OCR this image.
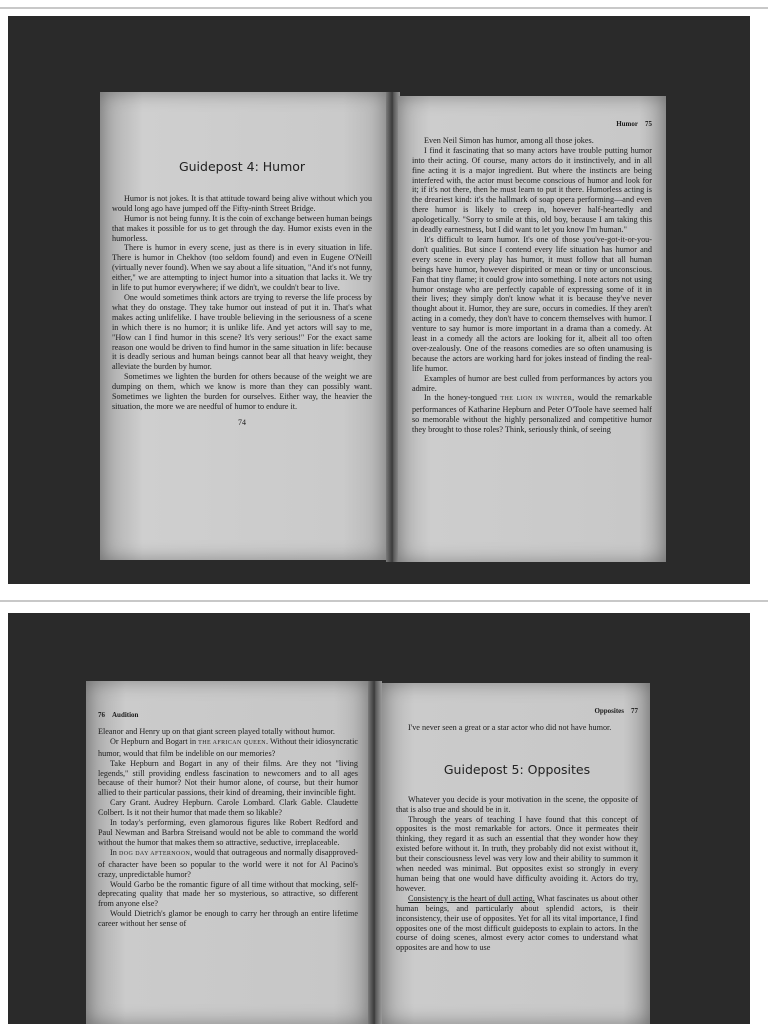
Guidepost 4: Humor

Humor is not jokes. It is that attitude toward being alive without which you would long ago have jumped off the Fifty-ninth Street Bridge.

Humor is not being funny. It is the coin of exchange between human beings that makes it possible for us to get through the day. Humor exists even in the humorless.

There is humor in every scene, just as there is in every situation in life. There is humor in Chekhov (too seldom found) and even in Eugene O'Neill (virtually never found). When we say about a life situation, "And it's not funny, either," we are attempting to inject humor into a situation that lacks it. We try in life to put humor everywhere; if we didn't, we couldn't bear to live.

One would sometimes think actors are trying to reverse the life process by what they do onstage. They take humor out instead of put it in. That's what makes acting unlifelike. I have trouble believing in the seriousness of a scene in which there is no humor; it is unlike life. And yet actors will say to me, "How can I find humor in this scene? It's very serious!" For the exact same reason one would be driven to find humor in the same situation in life: because it is deadly serious and human beings cannot bear all that heavy weight, they alleviate the burden by humor.

Sometimes we lighten the burden for others because of the weight we are dumping on them, which we know is more than they can possibly want. Sometimes we lighten the burden for ourselves. Either way, the heavier the situation, the more we are needful of humor to endure it.

74
Humor 75

Even Neil Simon has humor, among all those jokes.

I find it fascinating that so many actors have trouble putting humor into their acting. Of course, many actors do it instinctively, and in all fine acting it is a major ingredient. But where the instincts are being interfered with, the actor must become conscious of humor and look for it; if it's not there, then he must learn to put it there. Humorless acting is the dreariest kind: it's the hallmark of soap opera performing—and even there humor is likely to creep in, however half-heartedly and apologetically. "Sorry to smile at this, old boy, because I am taking this in deadly earnestness, but I did want to let you know I'm human."

It's difficult to learn humor. It's one of those you've-got-it-or-you-don't qualities. But since I contend every life situation has humor and every scene in every play has humor, it must follow that all human beings have humor, however dispirited or mean or tiny or unconscious. Fan that tiny flame; it could grow into something. I note actors not using humor onstage who are perfectly capable of expressing some of it in their lives; they simply don't know what it is because they've never thought about it. Humor, they are sure, occurs in comedies. If they aren't acting in a comedy, they don't have to concern themselves with humor. I venture to say humor is more important in a drama than a comedy. At least in a comedy all the actors are looking for it, albeit all too often over-zealously. One of the reasons comedies are so often unamusing is because the actors are working hard for jokes instead of finding the real-life humor.

Examples of humor are best culled from performances by actors you admire.

In the honey-tongued THE LION IN WINTER, would the remarkable performances of Katharine Hepburn and Peter O'Toole have seemed half so memorable without the highly personalized and competitive humor they brought to those roles? Think, seriously think, of seeing

76 Audition

Eleanor and Henry up on that giant screen played totally without humor.

Or Hepburn and Bogart in THE AFRICAN QUEEN. Without their idiosyncratic humor, would that film be indelible on our memories?

Take Hepburn and Bogart in any of their films. Are they not "living legends," still providing endless fascination to newcomers and to all ages because of their humor? Not their humor alone, of course, but their humor allied to their particular passions, their kind of dreaming, their invincible fight.

Cary Grant. Audrey Hepburn. Carole Lombard. Clark Gable. Claudette Colbert. Is it not their humor that made them so likable?

In today's performing, even glamorous figures like Robert Redford and Paul Newman and Barbra Streisand would not be able to command the world without the humor that makes them so attractive, seductive, irreplaceable.

In DOG DAY AFTERNOON, would that outrageous and normally disapproved-of character have been so popular to the world were it not for Al Pacino's crazy, unpredictable humor?

Would Garbo be the romantic figure of all time without that mocking, self-deprecating quality that made her so mysterious, so attractive, so different from anyone else?

Would Dietrich's glamor be enough to carry her through an entire lifetime career without her sense of

Opposites 77

I've never seen a great or a star actor who did not have humor.

Guidepost 5: Opposites

Whatever you decide is your motivation in the scene, the opposite of that is also true and should be in it.

Through the years of teaching I have found that this concept of opposites is the most remarkable for actors. Once it permeates their thinking, they regard it as such an essential that they wonder how they existed before without it. In truth, they probably did not exist without it, but their consciousness level was very low and their ability to summon it when needed was minimal. But opposites exist so strongly in every human being that one would have difficulty avoiding it. Actors do try, however.

Consistency is the heart of dull acting. What fascinates us about other human beings, and particularly about splendid actors, is their inconsistency, their use of opposites. Yet for all its vital importance, I find opposites one of the most difficult guideposts to explain to actors. In the course of doing scenes, almost every actor comes to understand what opposites are and how to use
